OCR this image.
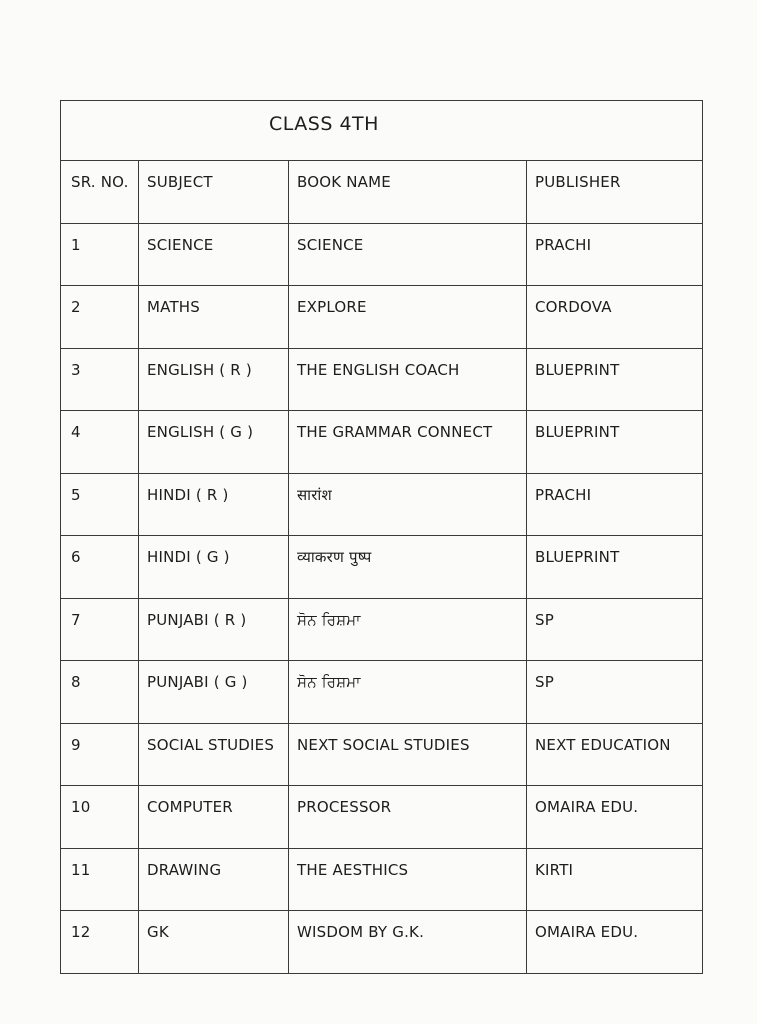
CLASS 4TH			
SR. NO.	SUBJECT	BOOK NAME	PUBLISHER
1	SCIENCE	SCIENCE	PRACHI
2	MATHS	EXPLORE	CORDOVA
3	ENGLISH ( R )	THE ENGLISH COACH	BLUEPRINT
4	ENGLISH ( G )	THE GRAMMAR CONNECT	BLUEPRINT
5	HINDI ( R )	सारांश	PRACHI
6	HINDI ( G )	व्याकरण पुष्प	BLUEPRINT
7	PUNJABI ( R )	ਸੋਨ ਰਿਸ਼ਮਾ	SP
8	PUNJABI ( G )	ਸੋਨ ਰਿਸ਼ਮਾ	SP
9	SOCIAL STUDIES	NEXT SOCIAL STUDIES	NEXT EDUCATION
10	COMPUTER	PROCESSOR	OMAIRA EDU.
11	DRAWING	THE AESTHICS	KIRTI
12	GK	WISDOM BY G.K.	OMAIRA EDU.
